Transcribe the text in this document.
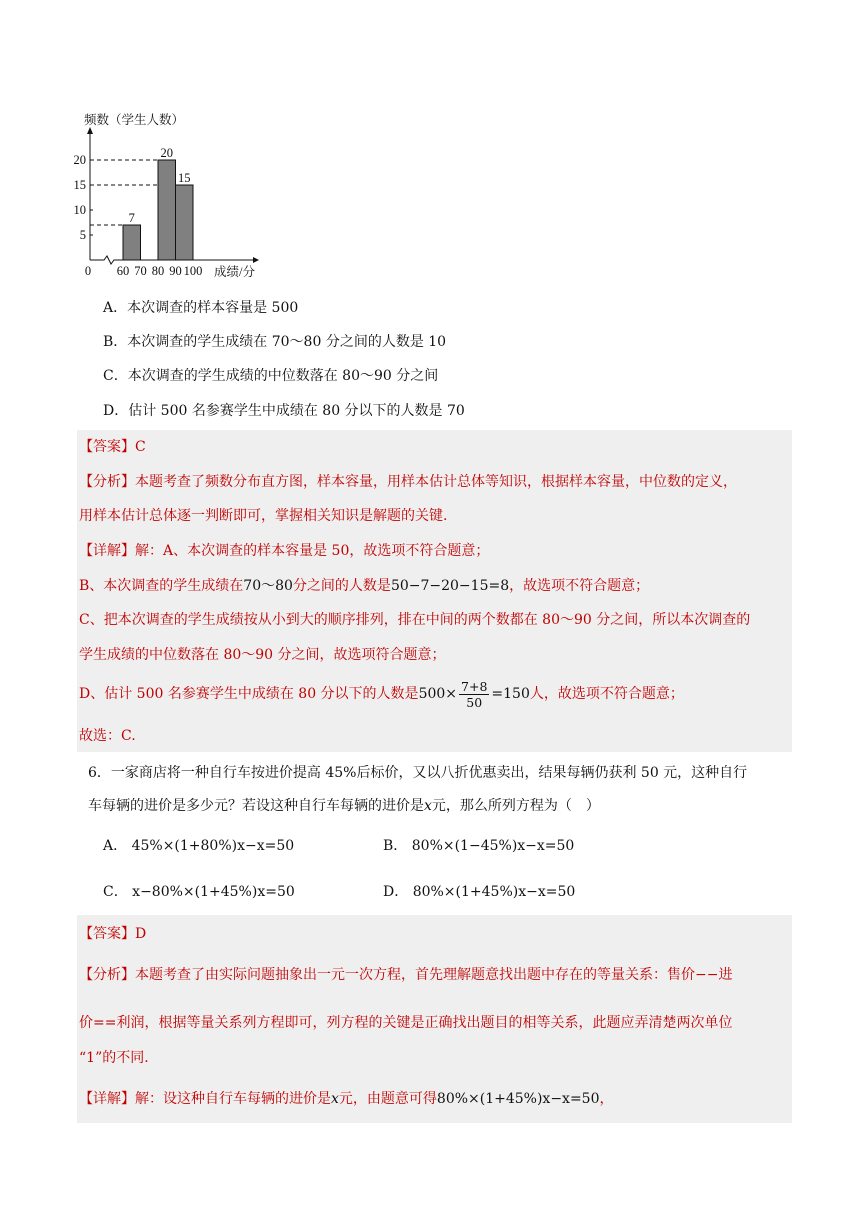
频数（学生人数）
成绩/分
5
10
15
20
0 60 70 80 90 100
7
20
15
A．本次调查的样本容量是 500
B．本次调查的学生成绩在 70～80 分之间的人数是 10
C．本次调查的学生成绩的中位数落在 80～90 分之间
D．估计 500 名参赛学生中成绩在 80 分以下的人数是 70
【答案】C
【分析】本题考查了频数分布直方图，样本容量，用样本估计总体等知识，根据样本容量，中位数的定义，
用样本估计总体逐一判断即可，掌握相关知识是解题的关键.
【详解】解：A、本次调查的样本容量是 50，故选项不符合题意；
B、本次调查的学生成绩在70～80分之间的人数是50−7−20−15=8，故选项不符合题意；
C、把本次调查的学生成绩按从小到大的顺序排列，排在中间的两个数都在 80～90 分之间，所以本次调查的
学生成绩的中位数落在 80～90 分之间，故选项符合题意；
D、估计 500 名参赛学生中成绩在 80 分以下的人数是$500\times \frac{7+8}{50} =150$人，故选项不符合题意；
故选：C.
6．一家商店将一种自行车按进价提高 45%后标价，又以八折优惠卖出，结果每辆仍获利 50 元，这种自行
车每辆的进价是多少元？若设这种自行车每辆的进价是x元，那么所列方程为（　）
A． 45%×(1+80%)x−x=50	B． 80%×(1−45%)x−x=50
C． x−80%×(1+45%)x=50	D． 80%×(1+45%)x−x=50
【答案】D
【分析】本题考查了由实际问题抽象出一元一次方程，首先理解题意找出题中存在的等量关系：售价−−进
价==利润，根据等量关系列方程即可，列方程的关键是正确找出题目的相等关系，此题应弄清楚两次单位
“1”的不同.
【详解】解：设这种自行车每辆的进价是x元，由题意可得80%×(1+45%)x−x=50，
